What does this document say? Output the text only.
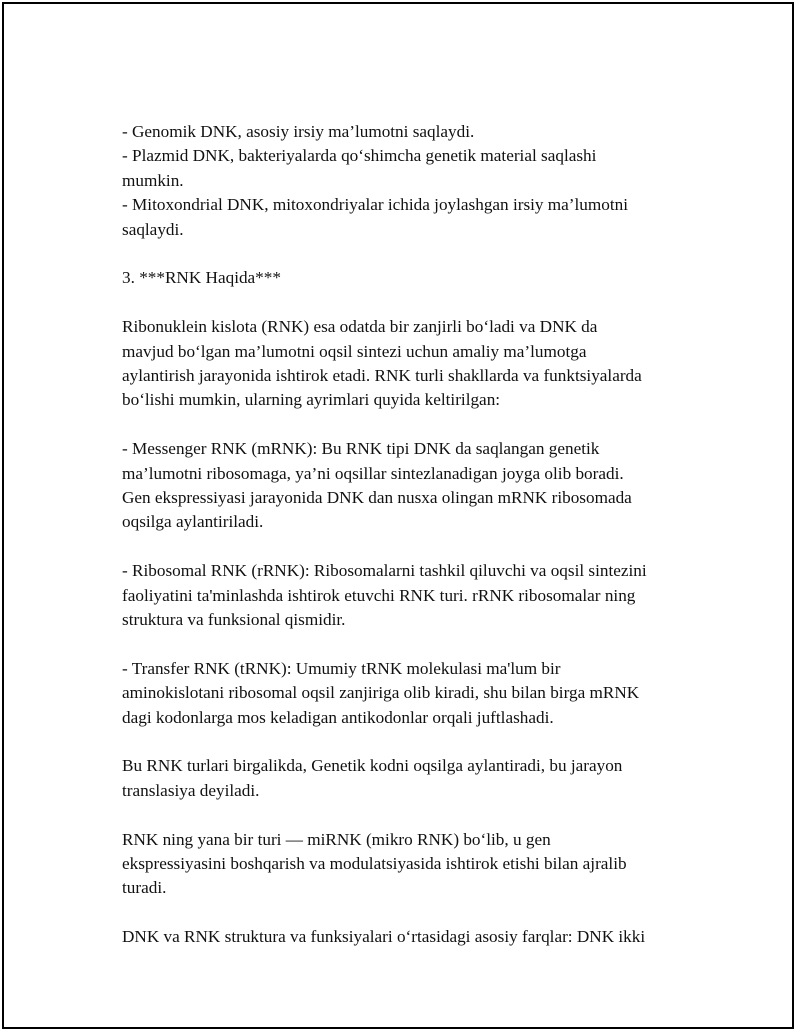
- Genomik DNK, asosiy irsiy ma’lumotni saqlaydi.
- Plazmid DNK, bakteriyalarda qo‘shimcha genetik material saqlashi
mumkin.
- Mitoxondrial DNK, mitoxondriyalar ichida joylashgan irsiy ma’lumotni
saqlaydi.

3. ***RNK Haqida***

Ribonuklein kislota (RNK) esa odatda bir zanjirli bo‘ladi va DNK da
mavjud bo‘lgan ma’lumotni oqsil sintezi uchun amaliy ma’lumotga
aylantirish jarayonida ishtirok etadi. RNK turli shakllarda va funktsiyalarda
bo‘lishi mumkin, ularning ayrimlari quyida keltirilgan:

- Messenger RNK (mRNK): Bu RNK tipi DNK da saqlangan genetik
ma’lumotni ribosomaga, ya’ni oqsillar sintezlanadigan joyga olib boradi.
Gen ekspressiyasi jarayonida DNK dan nusxa olingan mRNK ribosomada
oqsilga aylantiriladi.

- Ribosomal RNK (rRNK): Ribosomalarni tashkil qiluvchi va oqsil sintezini
faoliyatini ta'minlashda ishtirok etuvchi RNK turi. rRNK ribosomalar ning
struktura va funksional qismidir.

- Transfer RNK (tRNK): Umumiy tRNK molekulasi ma'lum bir
aminokislotani ribosomal oqsil zanjiriga olib kiradi, shu bilan birga mRNK
dagi kodonlarga mos keladigan antikodonlar orqali juftlashadi.

Bu RNK turlari birgalikda, Genetik kodni oqsilga aylantiradi, bu jarayon
translasiya deyiladi.

RNK ning yana bir turi — miRNK (mikro RNK) bo‘lib, u gen
ekspressiyasini boshqarish va modulatsiyasida ishtirok etishi bilan ajralib
turadi.

DNK va RNK struktura va funksiyalari o‘rtasidagi asosiy farqlar: DNK ikki
